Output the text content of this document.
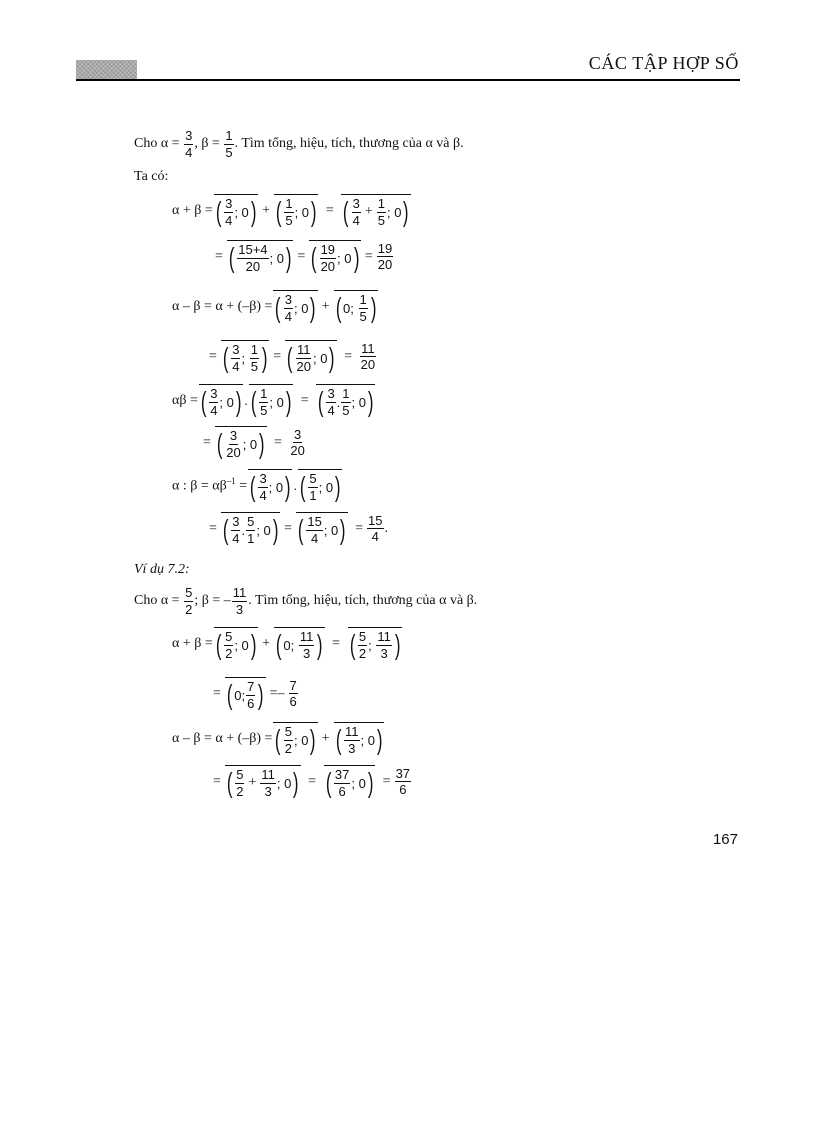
CÁC TẬP HỢP SỐ
Cho
α =
$\frac{3}{4}$ , β =
$\frac{1}{5}$ . Tìm tổng, hiệu, tích, thương của α và β.
Ta có:
α + β = ( 3
4
; 0 ) + ( 1
5
; 0 ) = ( 3
4
+ $\frac{1}{5}$ ; 0 )
= ( 15+4
20
; 0 ) = ( 19
20
; 0 ) = $\frac{19}{20}$
α – β = α + (–β) = ( 3
4
; 0 ) + ( 0;
1
5 )
= ( 3
4
;
1
5 ) = ( 11
20
; 0 ) = $\frac{11}{20}$
αβ = ( 3
4
; 0 ) . ( 1
5
; 0 ) = ( 3
4
.
1
5
; 0 )
= ( 3
20
; 0 ) = $\frac{3}{20}$
α : $\beta = \alpha\beta^{-1}$ = ( 3
4
; 0 ) . ( 5
1
; 0 )
= ( 3
4
.
5
1
; 0 ) = ( 15
4
; 0 ) = $\frac{15}{4}$ .
Ví dụ 7.2:
Cho
α =
$\frac{5}{2}$ ; β = –
11
3
. Tìm tổng, hiệu, tích, thương của α và β.
α + β = ( 5
2
; 0 ) + ( 0;
11
3 ) = ( 5
2
;
11
3 )
= ( 0;
7
6 ) =–
7
6
α – β = α + (–β) = ( 5
2
; 0 ) + ( 11
3
; 0 )
= ( 5
2
+ $\frac{11}{3}$ ; 0 ) = ( 37
6
; 0 ) = $\frac{37}{6}$
167
